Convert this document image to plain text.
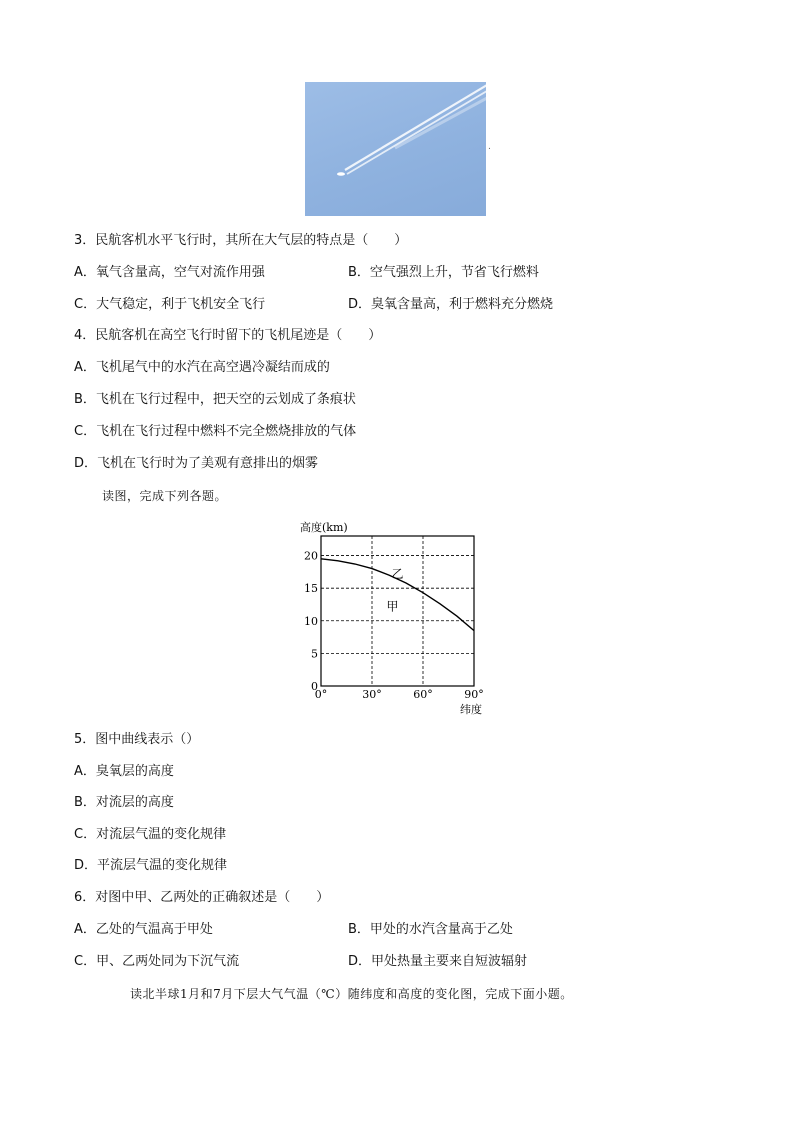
.
3．民航客机水平飞行时，其所在大气层的特点是（　　）
A．氧气含量高，空气对流作用强	B．空气强烈上升，节省飞行燃料
C．大气稳定，利于飞机安全飞行	D．臭氧含量高，利于燃料充分燃烧
4．民航客机在高空飞行时留下的飞机尾迹是（　　）
A．飞机尾气中的水汽在高空遇冷凝结而成的
B．飞机在飞行过程中，把天空的云划成了条痕状
C．飞机在飞行过程中燃料不完全燃烧排放的气体
D．飞机在飞行时为了美观有意排出的烟雾
读图，完成下列各题。
0
5
10
15
20
0°	30°	60°	90°
乙
甲
高度(km)
纬度
5．图中曲线表示（）
A．臭氧层的高度
B．对流层的高度
C．对流层气温的变化规律
D．平流层气温的变化规律
6．对图中甲、乙两处的正确叙述是（　　）
A．乙处的气温高于甲处	B．甲处的水汽含量高于乙处
C．甲、乙两处同为下沉气流	D．甲处热量主要来自短波辐射
读北半球1月和7月下层大气气温（℃）随纬度和高度的变化图，完成下面小题。
